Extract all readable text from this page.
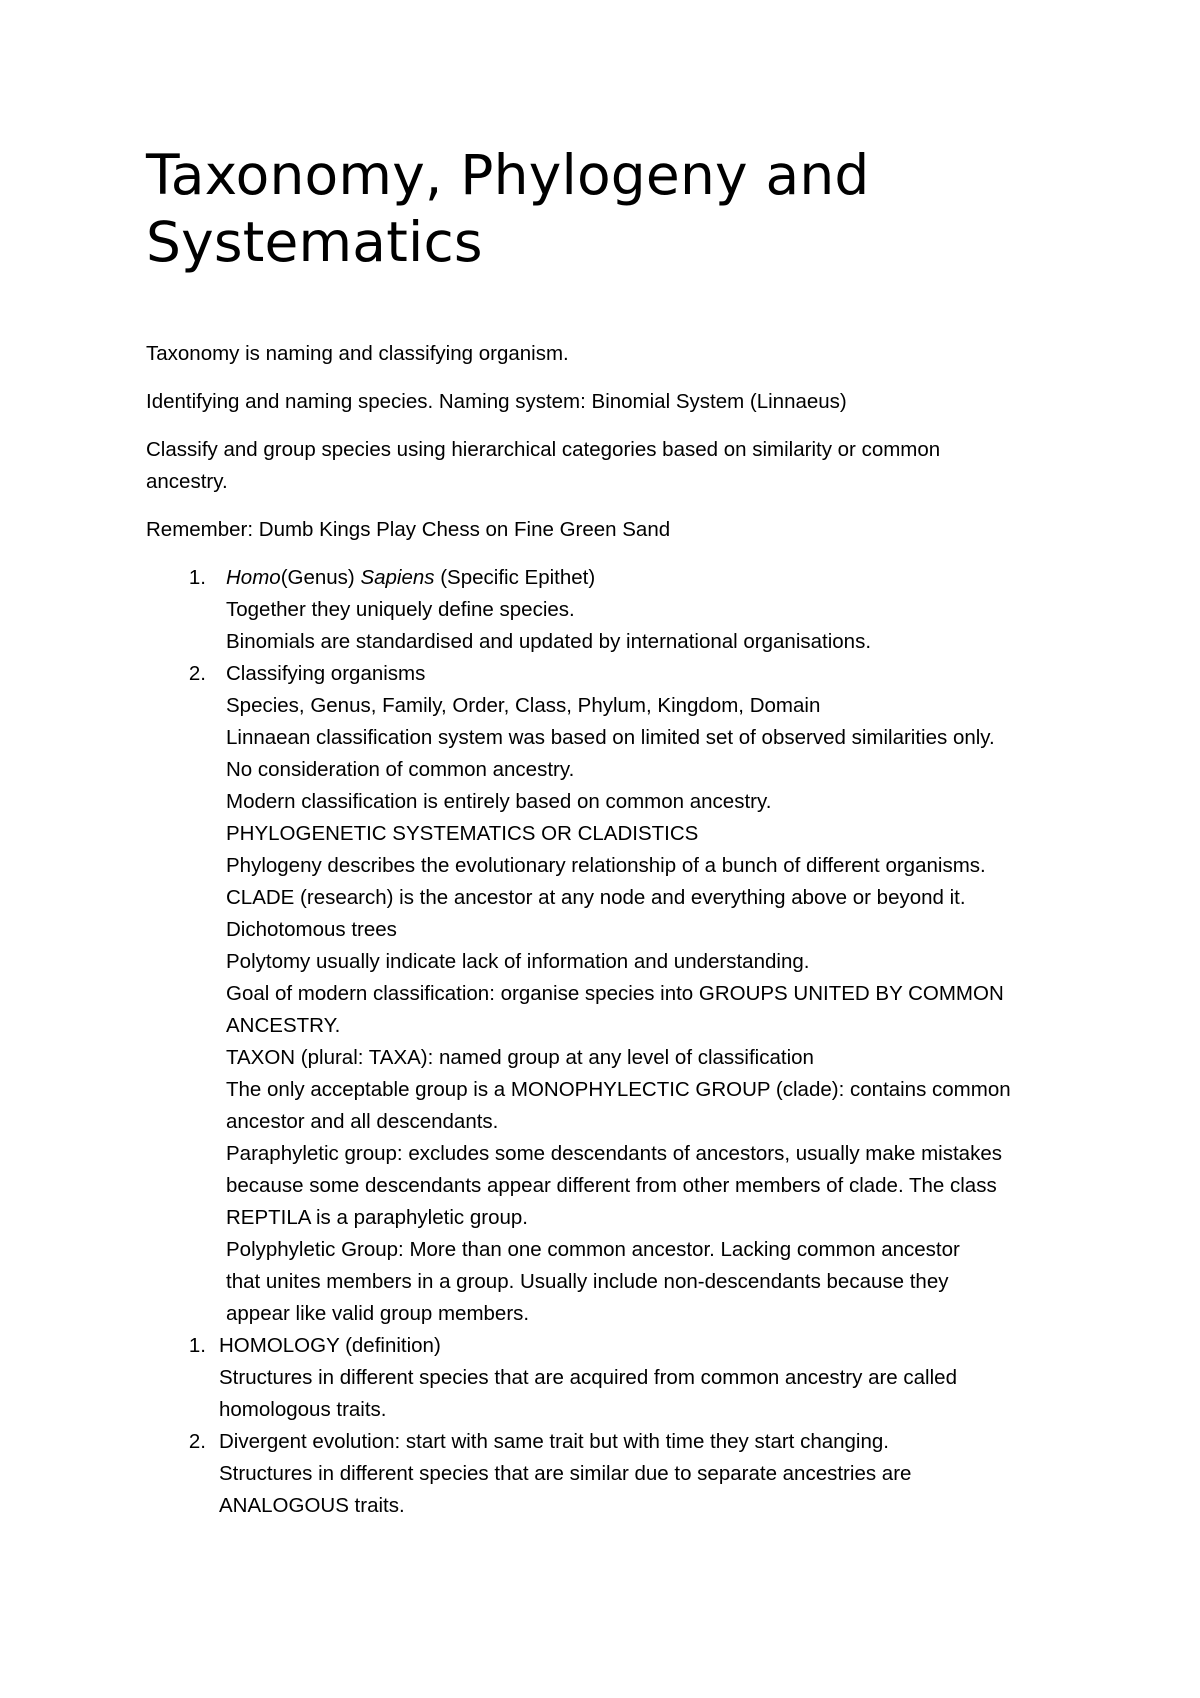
Taxonomy, Phylogeny and
Systematics

Taxonomy is naming and classifying organism.

Identifying and naming species. Naming system: Binomial System (Linnaeus)

Classify and group species using hierarchical categories based on similarity or common ancestry.

Remember: Dumb Kings Play Chess on Fine Green Sand

1. Homo(Genus) Sapiens (Specific Epithet)
Together they uniquely define species.
Binomials are standardised and updated by international organisations.
2. Classifying organisms
Species, Genus, Family, Order, Class, Phylum, Kingdom, Domain
Linnaean classification system was based on limited set of observed similarities only.
No consideration of common ancestry.
Modern classification is entirely based on common ancestry.
PHYLOGENETIC SYSTEMATICS OR CLADISTICS
Phylogeny describes the evolutionary relationship of a bunch of different organisms.
CLADE (research) is the ancestor at any node and everything above or beyond it.
Dichotomous trees
Polytomy usually indicate lack of information and understanding.
Goal of modern classification: organise species into GROUPS UNITED BY COMMON
ANCESTRY.
TAXON (plural: TAXA): named group at any level of classification
The only acceptable group is a MONOPHYLECTIC GROUP (clade): contains common
ancestor and all descendants.
Paraphyletic group: excludes some descendants of ancestors, usually make mistakes
because some descendants appear different from other members of clade. The class
REPTILA is a paraphyletic group.
Polyphyletic Group: More than one common ancestor. Lacking common ancestor
that unites members in a group. Usually include non-descendants because they
appear like valid group members.
1. HOMOLOGY (definition)
Structures in different species that are acquired from common ancestry are called
homologous traits.
2. Divergent evolution: start with same trait but with time they start changing.
Structures in different species that are similar due to separate ancestries are
ANALOGOUS traits.
